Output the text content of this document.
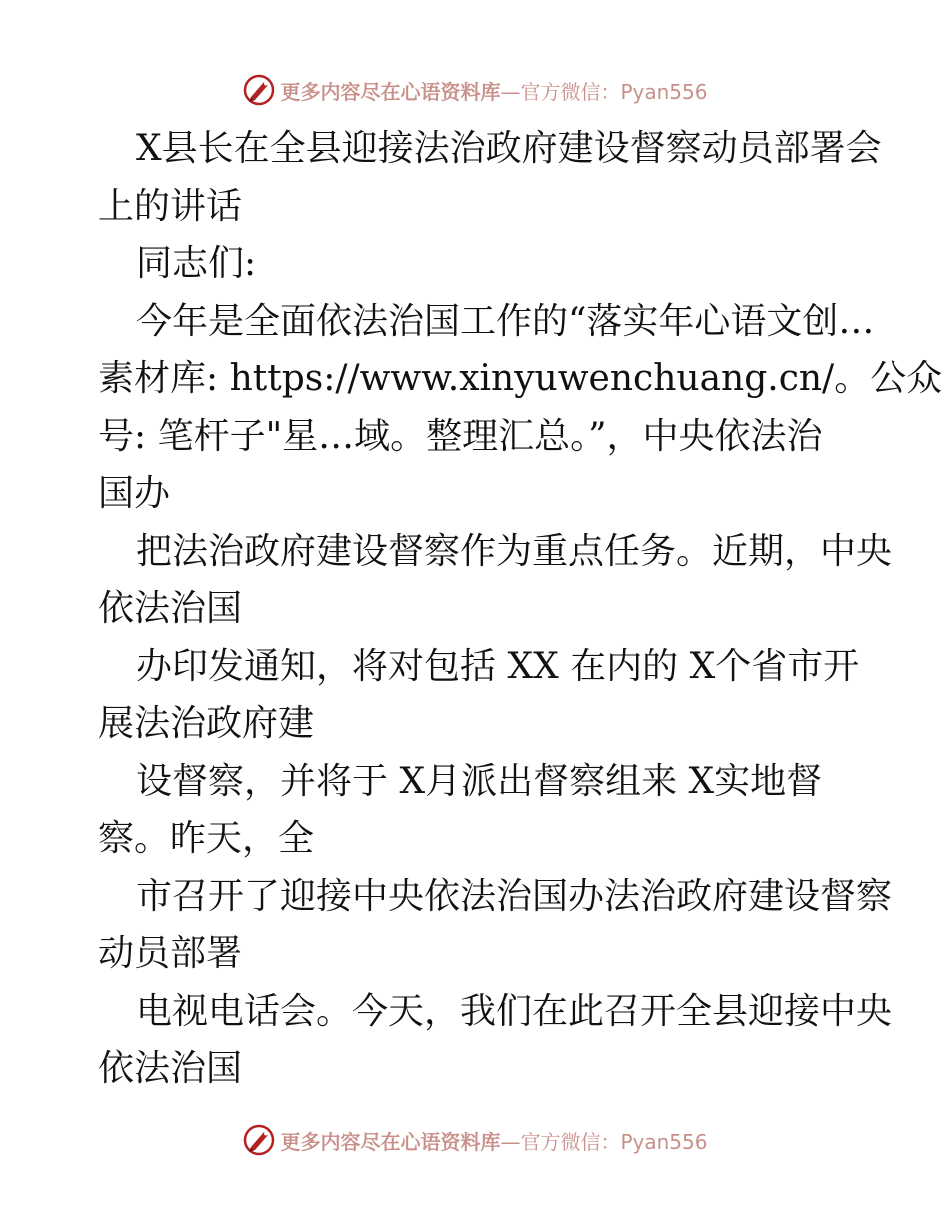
更多内容尽在心语资料库—官方微信：Pyan556
X县长在全县迎接法治政府建设督察动员部署会
上的讲话
同志们:
今年是全面依法治国工作的“落实年心语文创…
素材库: https://www.xinyuwenchuang.cn/。公众
号: 笔杆子"星…域。整理汇总。”，中央依法治
国办
把法治政府建设督察作为重点任务。近期，中央
依法治国
办印发通知，将对包括 XX 在内的 X个省市开
展法治政府建
设督察，并将于 X月派出督察组来 X实地督
察。昨天，全
市召开了迎接中央依法治国办法治政府建设督察
动员部署
电视电话会。今天，我们在此召开全县迎接中央
依法治国
更多内容尽在心语资料库—官方微信：Pyan556
